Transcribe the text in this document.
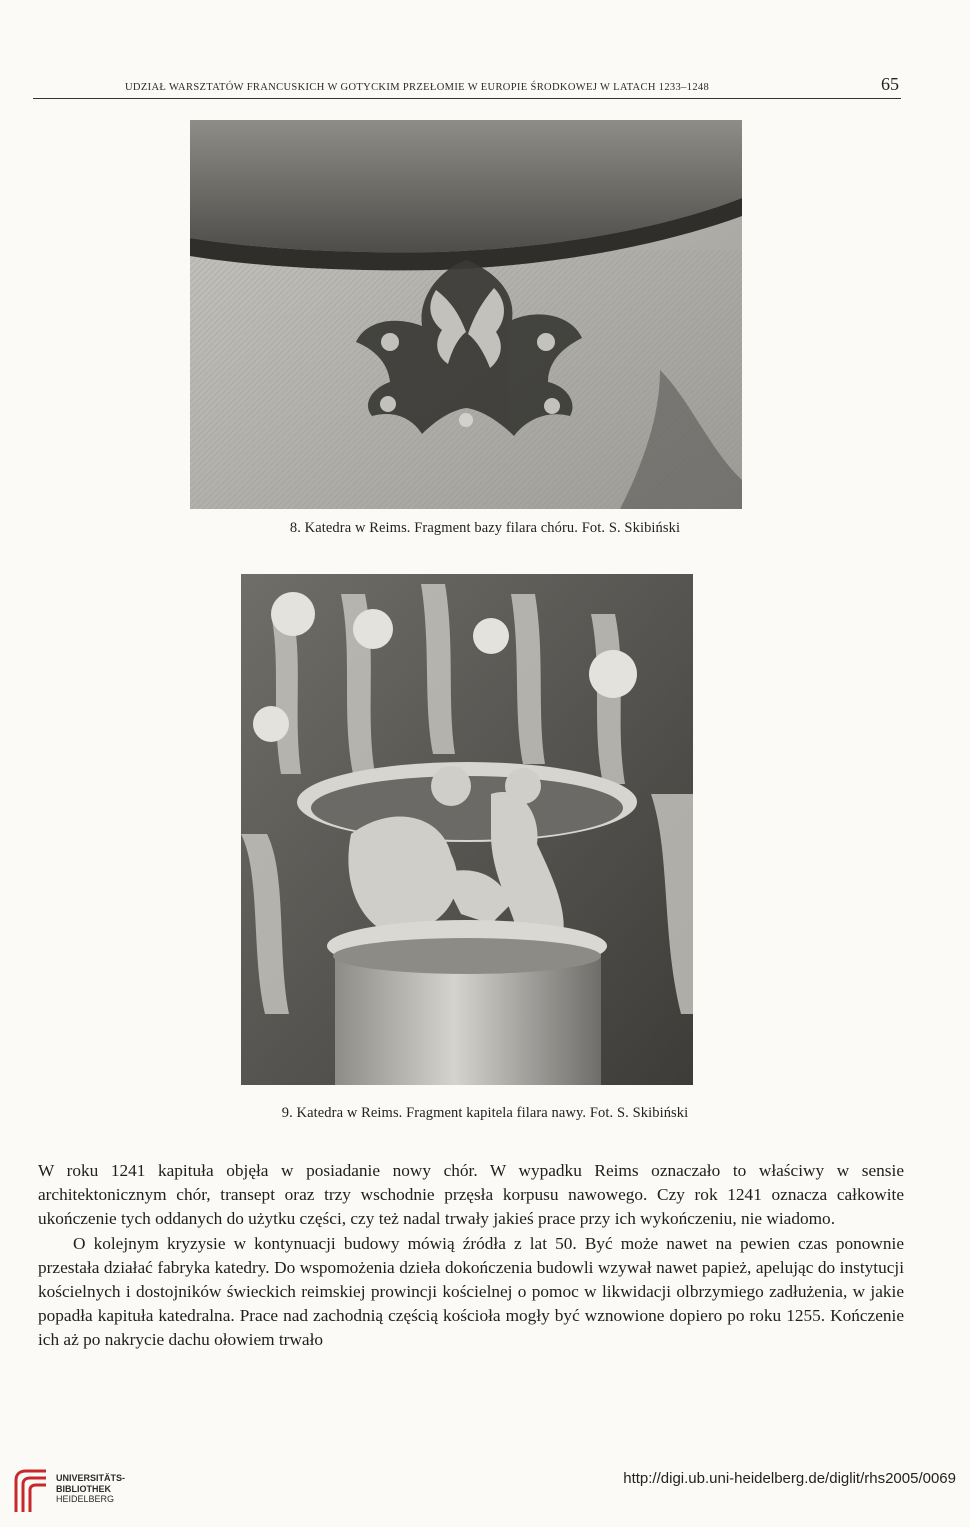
UDZIAŁ WARSZTATÓW FRANCUSKICH W GOTYCKIM PRZEŁOMIE W EUROPIE ŚRODKOWEJ W LATACH 1233–1248	65
8. Katedra w Reims. Fragment bazy filara chóru. Fot. S. Skibiński
9. Katedra w Reims. Fragment kapitela filara nawy. Fot. S. Skibiński

W roku 1241 kapituła objęła w posiadanie nowy chór. W wypadku Reims oznaczało to właściwy w sensie architektonicznym chór, transept oraz trzy wschodnie przęsła korpusu nawowego. Czy rok 1241 oznacza całkowite ukończenie tych oddanych do użytku części, czy też nadal trwały jakieś prace przy ich wykończeniu, nie wiadomo.

O kolejnym kryzysie w kontynuacji budowy mówią źródła z lat 50. Być może nawet na pewien czas ponownie przestała działać fabryka katedry. Do wspomożenia dzieła dokończenia budowli wzywał nawet papież, apelując do instytucji kościelnych i dostojników świeckich reimskiej prowincji kościelnej o pomoc w likwidacji olbrzymiego zadłużenia, w jakie popadła kapituła katedralna. Prace nad zachodnią częścią kościoła mogły być wznowione dopiero po roku 1255. Kończenie ich aż po nakrycie dachu ołowiem trwało

UNIVERSITÄTS-
BIBLIOTHEK
HEIDELBERG
http://digi.ub.uni-heidelberg.de/diglit/rhs2005/0069
